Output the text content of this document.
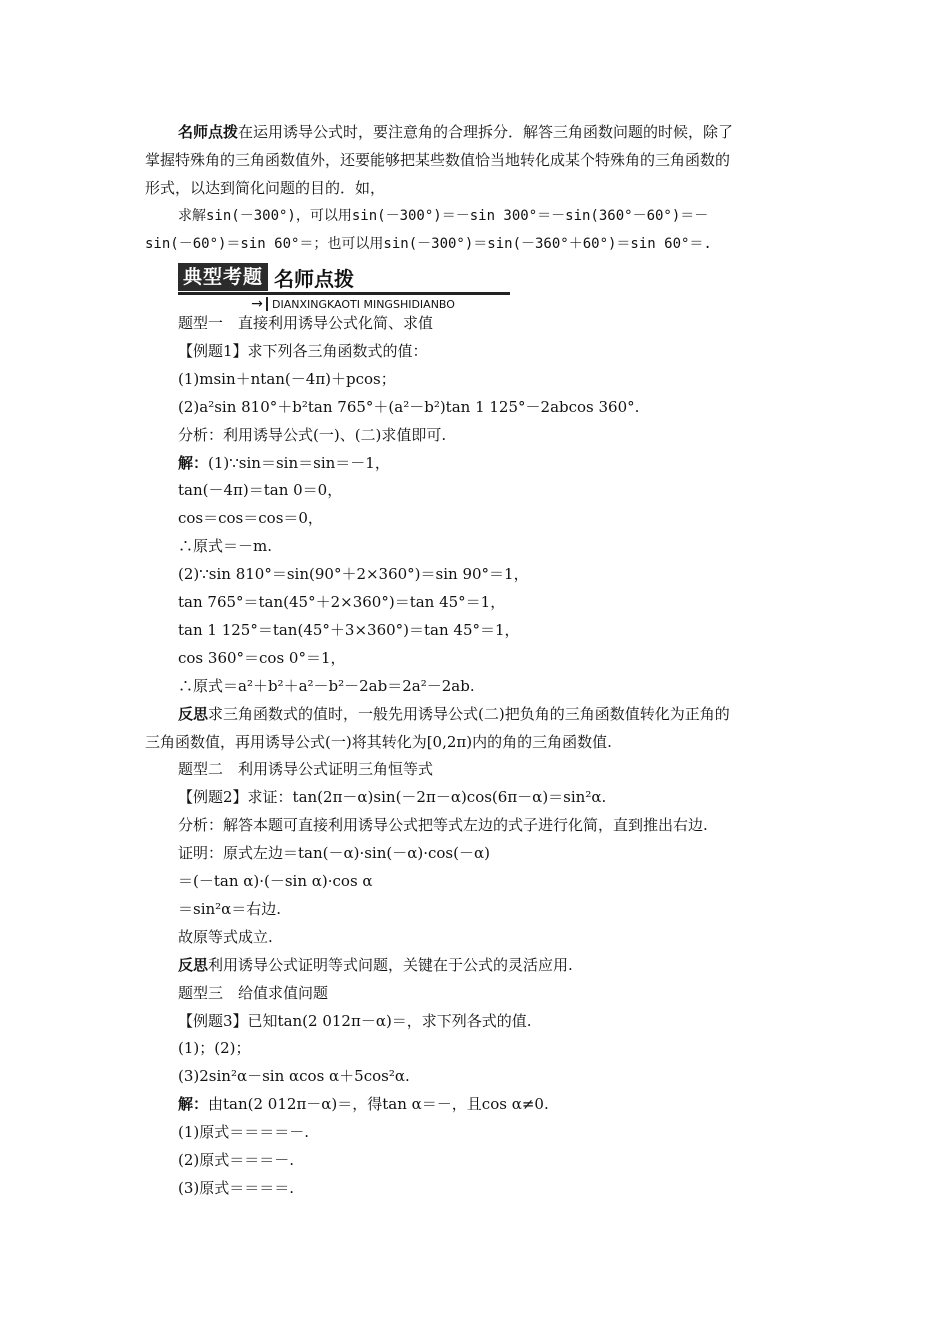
名师点拨在运用诱导公式时，要注意角的合理拆分．解答三角函数问题的时候，除了
掌握特殊角的三角函数值外，还要能够把某些数值恰当地转化成某个特殊角的三角函数的
形式，以达到简化问题的目的．如，
求解sin(－300°)，可以用sin(－300°)＝－sin 300°＝－sin(360°－60°)＝－
sin(－60°)＝sin 60°＝；也可以用sin(－300°)＝sin(－360°＋60°)＝sin 60°＝.
典型考题 名师点拨
→ DIANXINGKAOTI MINGSHIDIANBO
题型一　直接利用诱导公式化简、求值
【例题1】求下列各三角函数式的值：
(1)msin＋ntan(－4π)＋pcos；
(2)a²sin 810°＋b²tan 765°＋(a²－b²)tan 1 125°－2abcos 360°.
分析：利用诱导公式(一)、(二)求值即可.
解：(1)∵sin＝sin＝sin＝－1，
tan(－4π)＝tan 0＝0，
cos＝cos＝cos＝0，
∴原式＝－m.
(2)∵sin 810°＝sin(90°＋2×360°)＝sin 90°＝1，
tan 765°＝tan(45°＋2×360°)＝tan 45°＝1，
tan 1 125°＝tan(45°＋3×360°)＝tan 45°＝1，
cos 360°＝cos 0°＝1，
∴原式＝a²＋b²＋a²－b²－2ab＝2a²－2ab.
反思求三角函数式的值时，一般先用诱导公式(二)把负角的三角函数值转化为正角的
三角函数值，再用诱导公式(一)将其转化为[0,2π)内的角的三角函数值.
题型二　利用诱导公式证明三角恒等式
【例题2】求证：tan(2π－α)sin(－2π－α)cos(6π－α)＝sin²α.
分析：解答本题可直接利用诱导公式把等式左边的式子进行化简，直到推出右边.
证明：原式左边＝tan(－α)·sin(－α)·cos(－α)
＝(－tan α)·(－sin α)·cos α
＝sin²α＝右边.
故原等式成立.
反思利用诱导公式证明等式问题，关键在于公式的灵活应用.
题型三　给值求值问题
【例题3】已知tan(2 012π－α)＝，求下列各式的值.
(1)；(2)；
(3)2sin²α－sin αcos α＋5cos²α.
解：由tan(2 012π－α)＝，得tan α＝－，且cos α≠0.
(1)原式＝＝＝＝－.
(2)原式＝＝＝－.
(3)原式＝＝＝＝.
